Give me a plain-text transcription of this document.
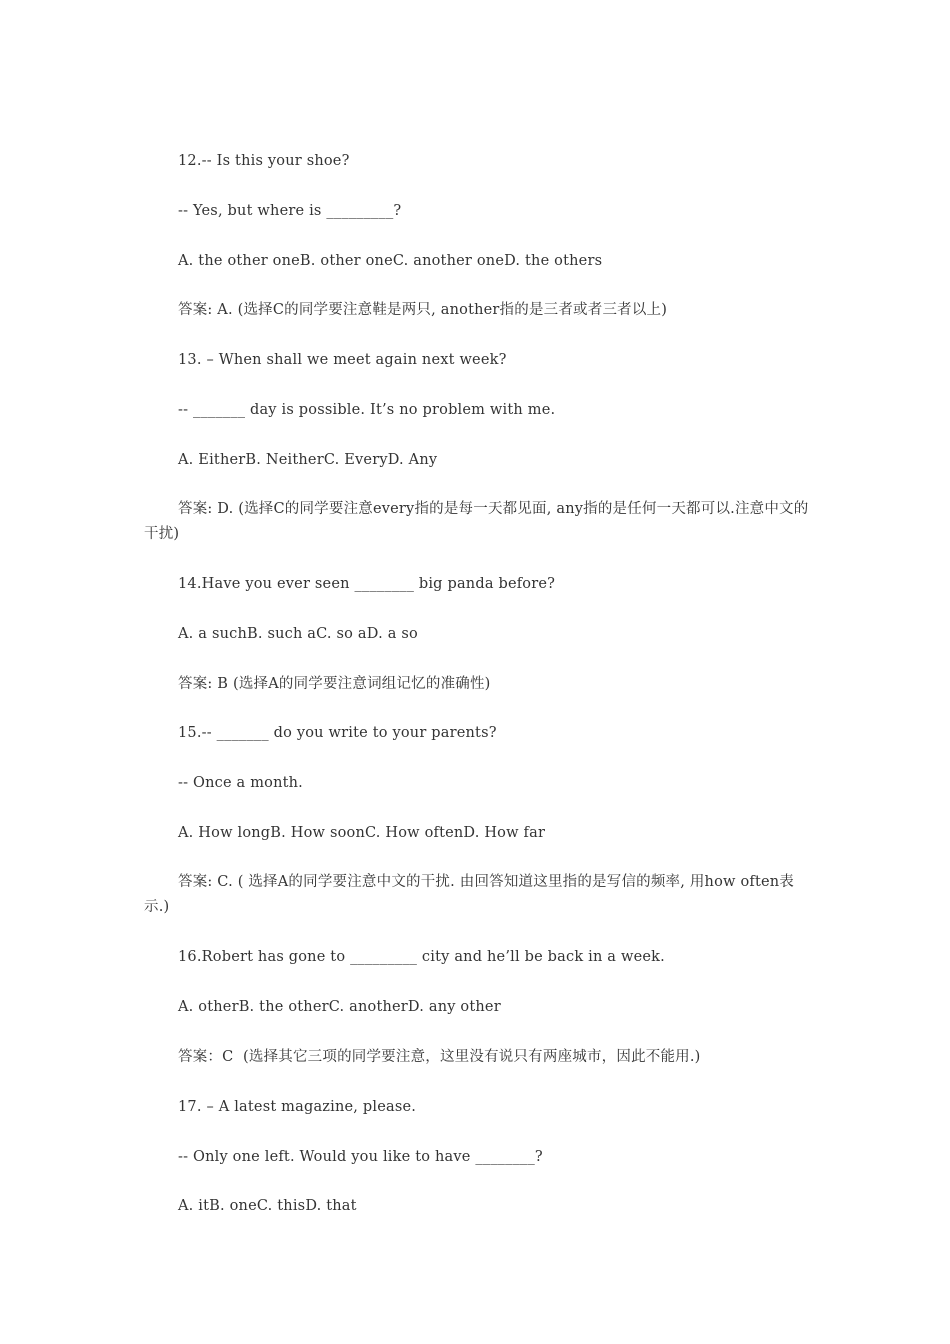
12.-- Is this your shoe?
-- Yes, but where is _________?
A. the other oneB. other oneC. another oneD. the others
答案: A. (选择C的同学要注意鞋是两只, another指的是三者或者三者以上)
13. – When shall we meet again next week?
-- _______ day is possible. It’s no problem with me.
A. EitherB. NeitherC. EveryD. Any
答案: D. (选择C的同学要注意every指的是每一天都见面, any指的是任何一天都可以.注意中文的干扰)
14.Have you ever seen ________ big panda before?
A. a suchB. such aC. so aD. a so
答案: B (选择A的同学要注意词组记忆的准确性)
15.-- _______ do you write to your parents?
-- Once a month.
A. How longB. How soonC. How oftenD. How far
答案: C. ( 选择A的同学要注意中文的干扰. 由回答知道这里指的是写信的频率, 用how often表示.)
16.Robert has gone to _________ city and he’ll be back in a week.
A. otherB. the otherC. anotherD. any other
答案：C  (选择其它三项的同学要注意，这里没有说只有两座城市，因此不能用.)
17. – A latest magazine, please.
-- Only one left. Would you like to have ________?
A. itB. oneC. thisD. that
